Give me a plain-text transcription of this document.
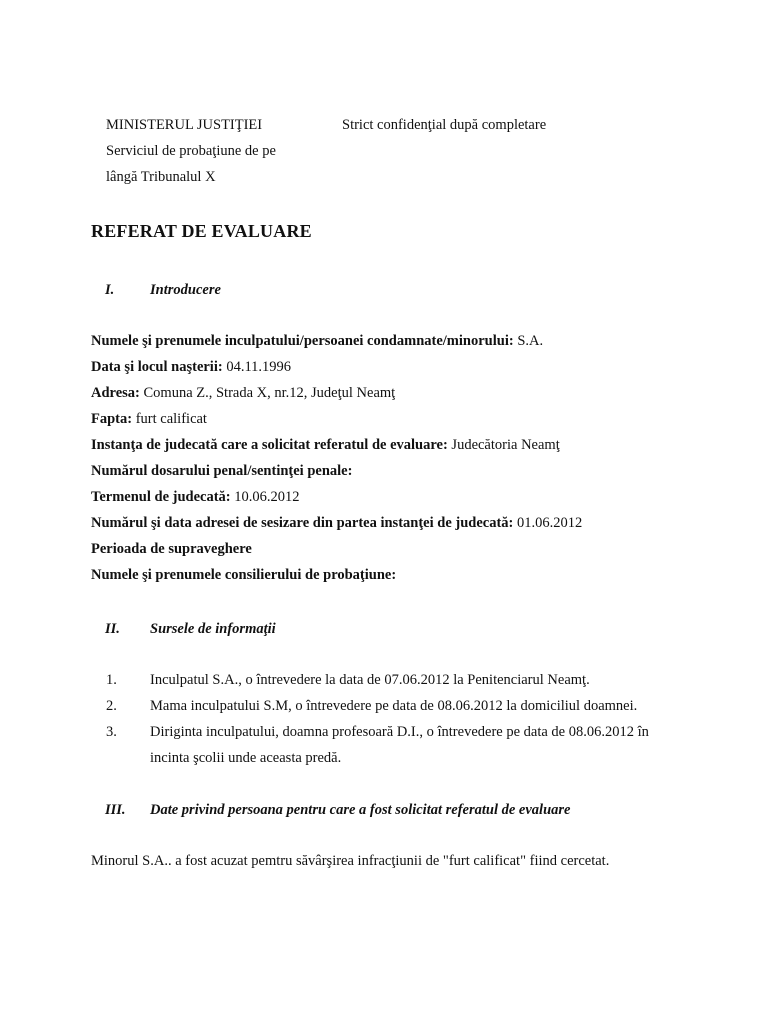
MINISTERUL JUSTIŢIEI	Strict confidenţial după completare
Serviciul de probaţiune de pe
lângă Tribunalul X
REFERAT DE EVALUARE
I. Introducere
Numele şi prenumele inculpatului/persoanei condamnate/minorului: S.A.
Data şi locul naşterii: 04.11.1996
Adresa: Comuna Z., Strada X, nr.12, Judeţul Neamţ
Fapta: furt calificat
Instanţa de judecată care a solicitat referatul de evaluare: Judecătoria Neamţ
Numărul dosarului penal/sentinţei penale:
Termenul de judecată: 10.06.2012
Numărul şi data adresei de sesizare din partea instanţei de judecată: 01.06.2012
Perioada de supraveghere
Numele şi prenumele consilierului de probaţiune:
II. Sursele de informaţii
1. Inculpatul S.A., o întrevedere la data de 07.06.2012 la Penitenciarul Neamţ.
2. Mama inculpatului S.M, o întrevedere pe data de 08.06.2012 la domiciliul doamnei.
3. Diriginta inculpatului, doamna profesoară D.I., o întrevedere pe data de 08.06.2012 în
incinta şcolii unde aceasta predă.
III. Date privind persoana pentru care a fost solicitat referatul de evaluare
Minorul S.A.. a fost acuzat pemtru săvârşirea infracţiunii de "furt calificat" fiind cercetat.
